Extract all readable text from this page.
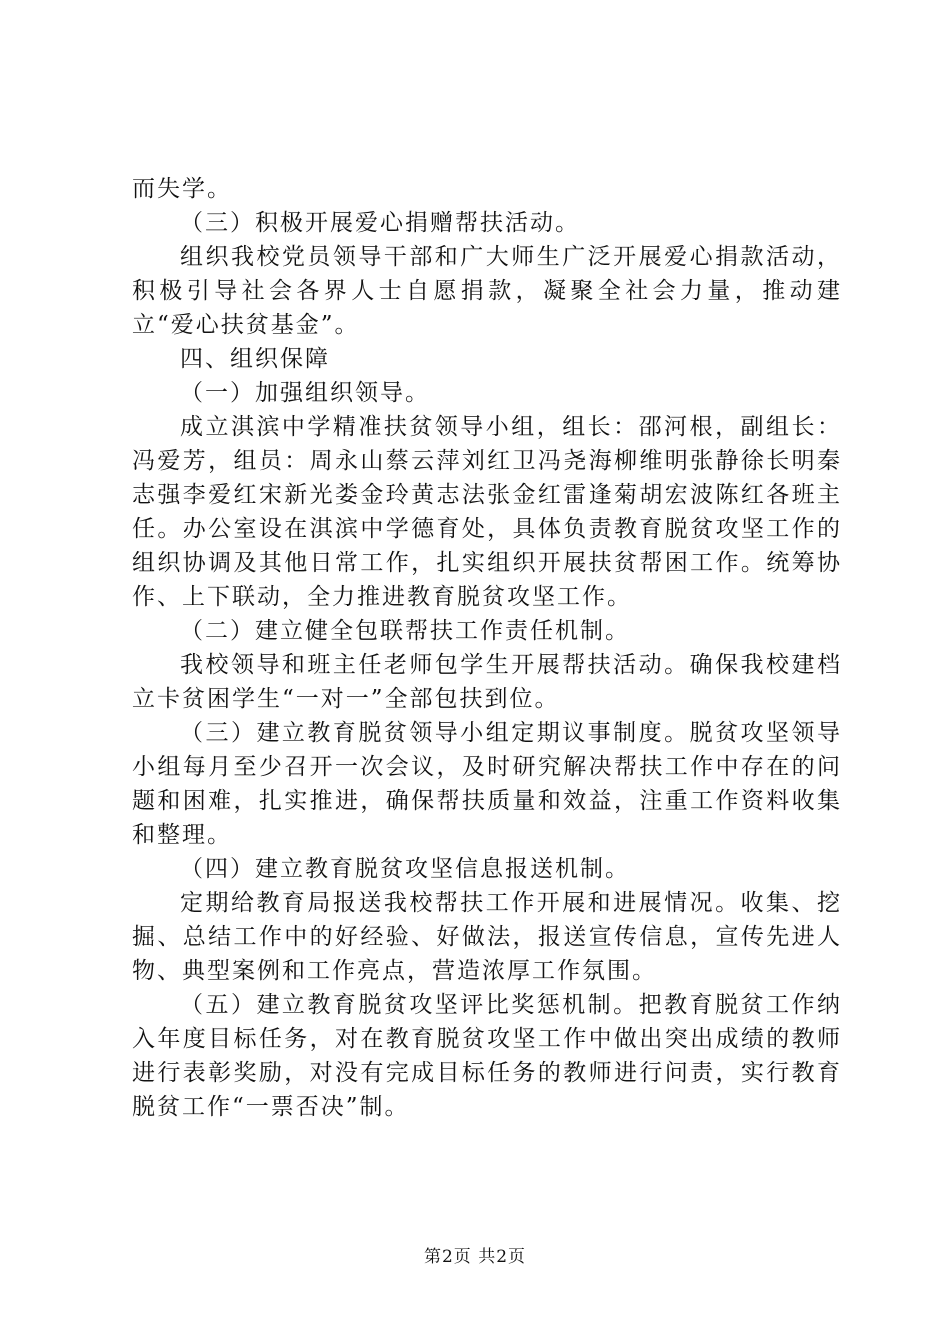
而失学。

（三）积极开展爱心捐赠帮扶活动。

组织我校党员领导干部和广大师生广泛开展爱心捐款活动，积极引导社会各界人士自愿捐款，凝聚全社会力量，推动建立“爱心扶贫基金”。

四、组织保障

（一）加强组织领导。

成立淇滨中学精准扶贫领导小组，组长：邵河根，副组长：冯爱芳，组员：周永山蔡云萍刘红卫冯尧海柳维明张静徐长明秦志强李爱红宋新光娄金玲黄志法张金红雷逢菊胡宏波陈红各班主任。办公室设在淇滨中学德育处，具体负责教育脱贫攻坚工作的组织协调及其他日常工作，扎实组织开展扶贫帮困工作。统筹协作、上下联动，全力推进教育脱贫攻坚工作。

（二）建立健全包联帮扶工作责任机制。

我校领导和班主任老师包学生开展帮扶活动。确保我校建档立卡贫困学生“一对一”全部包扶到位。

（三）建立教育脱贫领导小组定期议事制度。脱贫攻坚领导小组每月至少召开一次会议，及时研究解决帮扶工作中存在的问题和困难，扎实推进，确保帮扶质量和效益，注重工作资料收集和整理。

（四）建立教育脱贫攻坚信息报送机制。

定期给教育局报送我校帮扶工作开展和进展情况。收集、挖掘、总结工作中的好经验、好做法，报送宣传信息，宣传先进人物、典型案例和工作亮点，营造浓厚工作氛围。

（五）建立教育脱贫攻坚评比奖惩机制。把教育脱贫工作纳入年度目标任务，对在教育脱贫攻坚工作中做出突出成绩的教师进行表彰奖励，对没有完成目标任务的教师进行问责，实行教育脱贫工作“一票否决”制。

第2页 共2页
